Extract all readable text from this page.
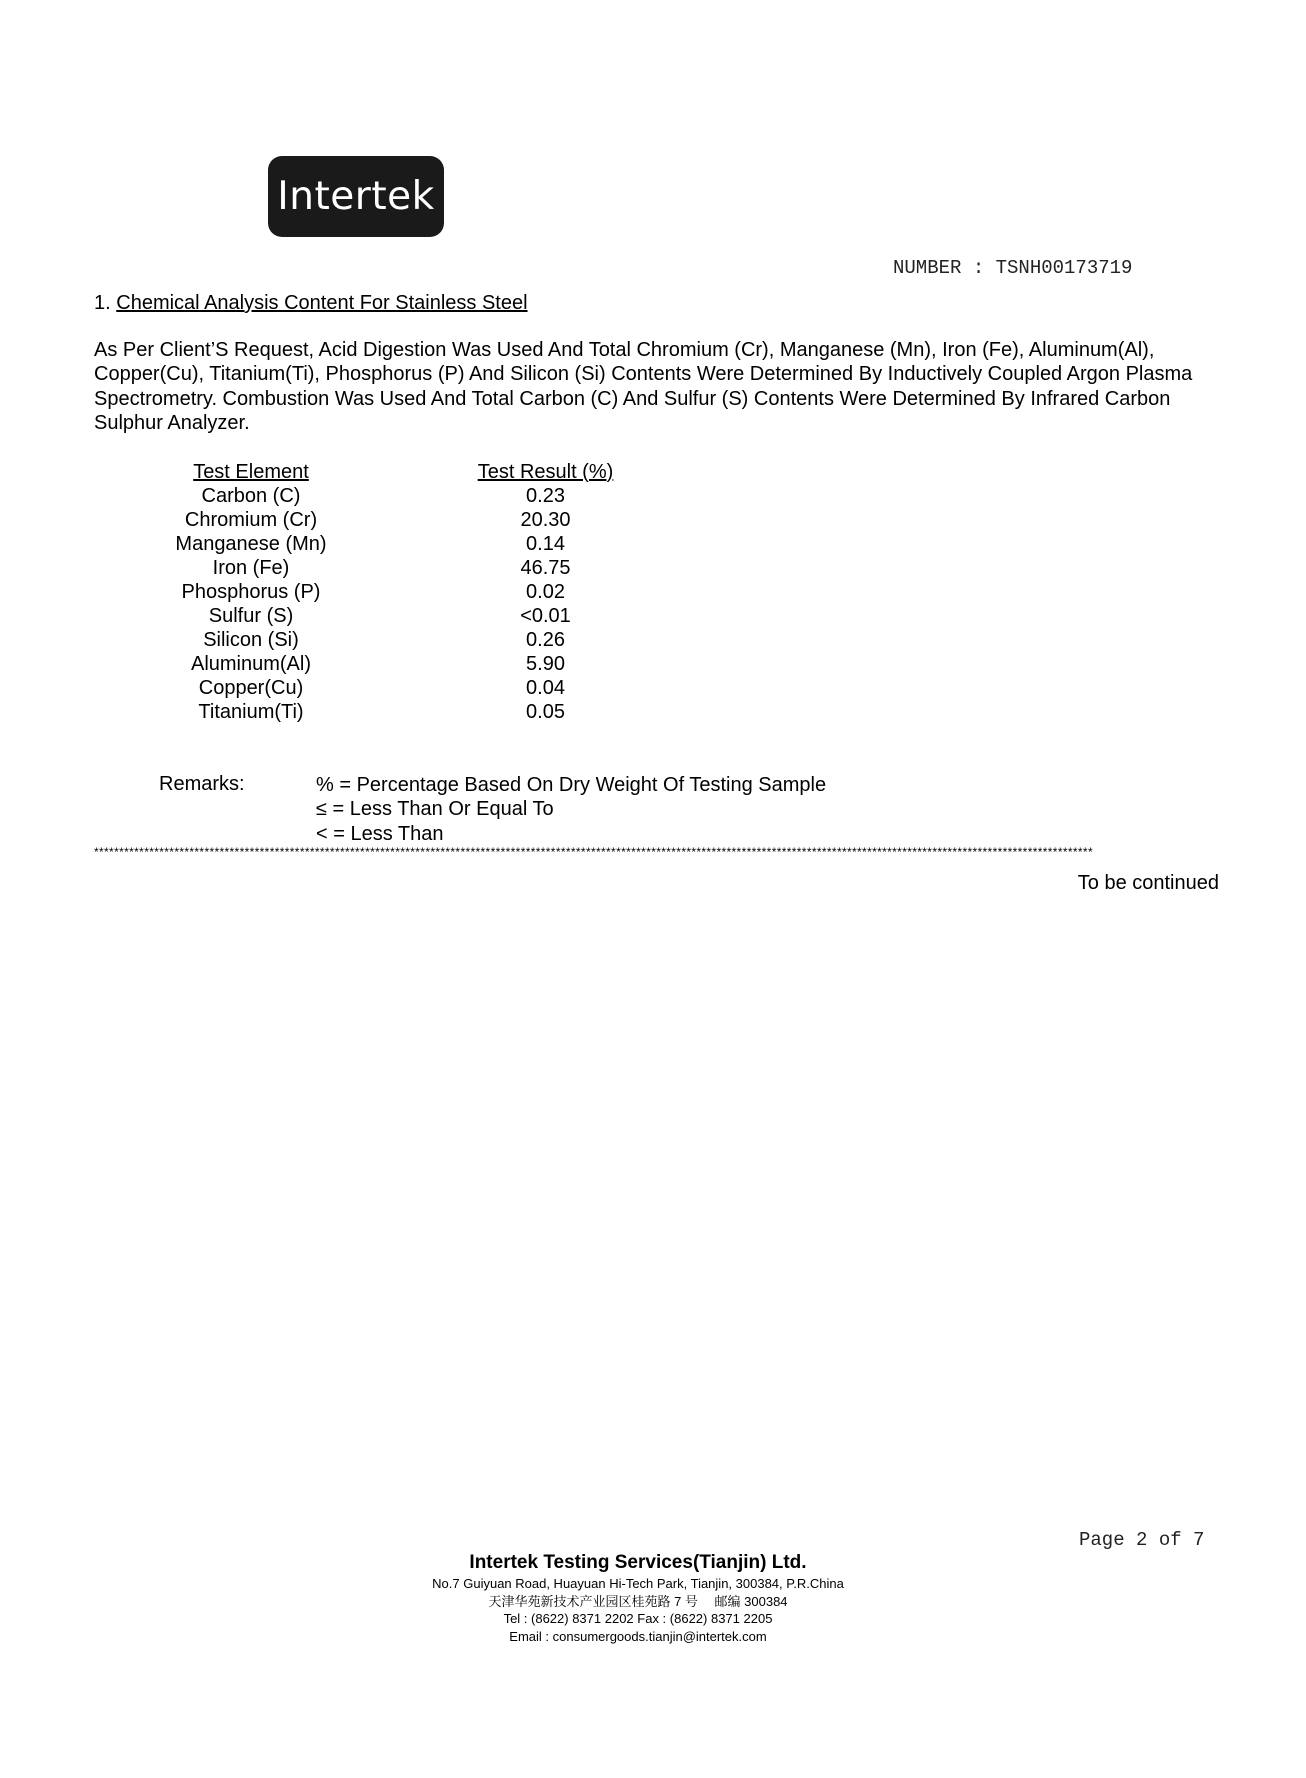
Intertek
NUMBER : TSNH00173719
1. Chemical Analysis Content For Stainless Steel
As Per Client’S Request, Acid Digestion Was Used And Total Chromium (Cr), Manganese (Mn), Iron (Fe), Aluminum(Al), Copper(Cu), Titanium(Ti), Phosphorus (P) And Silicon (Si) Contents Were Determined By Inductively Coupled Argon Plasma Spectrometry. Combustion Was Used And Total Carbon (C) And Sulfur (S) Contents Were Determined By Infrared Carbon Sulphur Analyzer.
Test Element	Test Result (%)
Carbon (C)	0.23
Chromium (Cr)	20.30
Manganese (Mn)	0.14
Iron (Fe)	46.75
Phosphorus (P)	0.02
Sulfur (S)	<0.01
Silicon (Si)	0.26
Aluminum(Al)	5.90
Copper(Cu)	0.04
Titanium(Ti)	0.05
Remarks:	% = Percentage Based On Dry Weight Of Testing Sample
≤ = Less Than Or Equal To
< = Less Than
*******************************************************************************************************************************************************************************************************
To be continued
Page 2 of 7
Intertek Testing Services(Tianjin) Ltd.
No.7 Guiyuan Road, Huayuan Hi-Tech Park, Tianjin, 300384, P.R.China
天津华苑新技术产业园区桂苑路 7 号　 邮编 300384
Tel : (8622) 8371 2202 Fax : (8622) 8371 2205
Email : consumergoods.tianjin@intertek.com
